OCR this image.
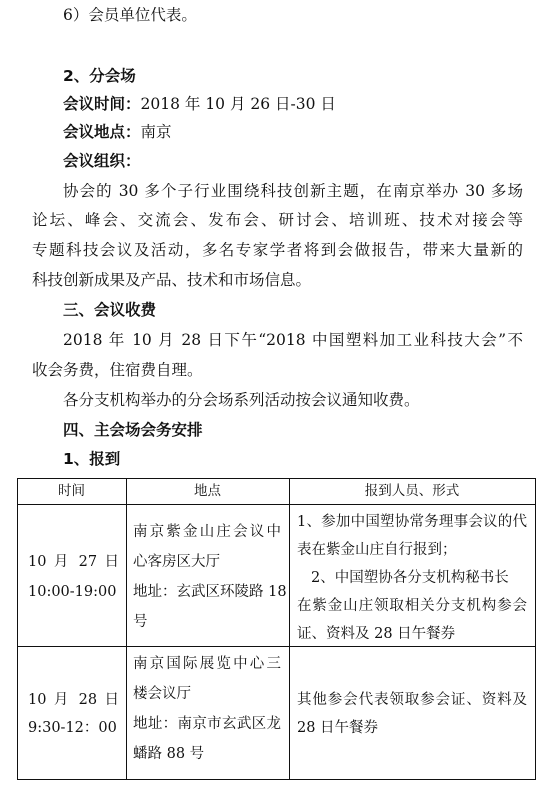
6）会员单位代表。
2、分会场
会议时间：2018 年 10 月 26 日-30 日
会议地点：南京
会议组织：
协会的 30 多个子行业围绕科技创新主题，在南京举办 30 多场
论坛、峰会、交流会、发布会、研讨会、培训班、技术对接会等
专题科技会议及活动，多名专家学者将到会做报告，带来大量新的
科技创新成果及产品、技术和市场信息。
三、会议收费
2018 年 10 月 28 日下午“2018 中国塑料加工业科技大会”不
收会务费，住宿费自理。
各分支机构举办的分会场系列活动按会议通知收费。
四、主会场会务安排
1、报到
时间	地点	报到人员、形式
10 月 27 日
10:00-19:00
南京紫金山庄会议中
心客房区大厅
地址：玄武区环陵路 18
号
1、参加中国塑协常务理事会议的代
表在紫金山庄自行报到；
2、中国塑协各分支机构秘书长
在紫金山庄领取相关分支机构参会
证、资料及 28 日午餐券
10 月 28 日
9:30-12：00
南京国际展览中心三
楼会议厅
地址：南京市玄武区龙
蟠路 88 号
其他参会代表领取参会证、资料及
28 日午餐券
